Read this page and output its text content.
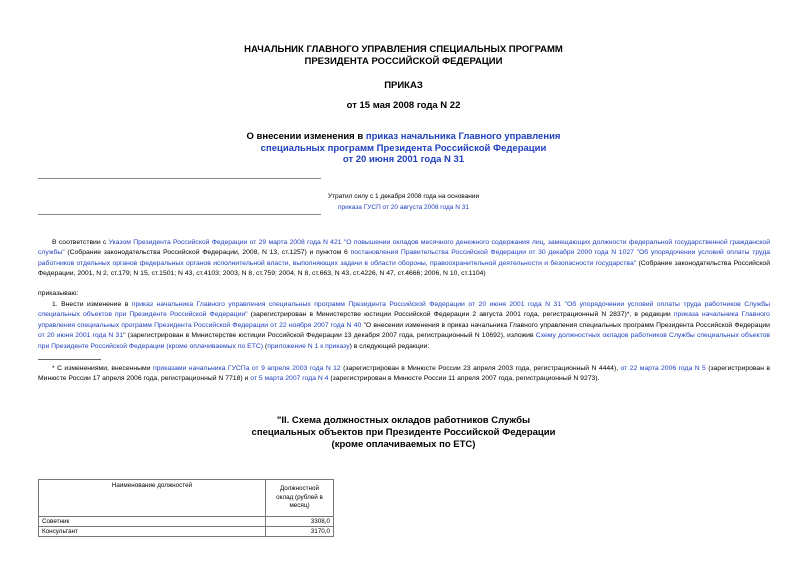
НАЧАЛЬНИК ГЛАВНОГО УПРАВЛЕНИЯ СПЕЦИАЛЬНЫХ ПРОГРАММ
ПРЕЗИДЕНТА РОССИЙСКОЙ ФЕДЕРАЦИИ
ПРИКАЗ
от 15 мая 2008 года N 22
О внесении изменения в приказ начальника Главного управления
специальных программ Президента Российской Федерации
от 20 июня 2001 года N 31
Утратил силу с 1 декабря 2008 года на основании
приказа ГУСП от 20 августа 2008 года N 31
В соответствии с Указом Президента Российской Федерации от 29 марта 2008 года N 421 "О повышении окладов месячного денежного содержания лиц, замещающих должности федеральной государственной гражданской службы" (Собрание законодательства Российской Федерации, 2008, N 13, ст.1257) и пунктом 6 постановления Правительства Российской Федерации от 30 декабря 2000 года N 1027 "Об упорядочении условий оплаты труда работников отдельных органов федеральных органов исполнительной власти, выполняющих задачи в области обороны, правоохранительной деятельности и безопасности государства" (Собрание законодательства Российской Федерации, 2001, N 2, ст.179; N 15, ст.1501; N 43, ст.4103; 2003, N 8, ст.759; 2004, N 8, ст.663, N 43, ст.4226, N 47, ст.4666; 2006, N 10, ст.1104)
приказываю:
1. Внести изменение в приказ начальника Главного управления специальных программ Президента Российской Федерации от 20 июня 2001 года N 31 "Об упорядочении условий оплаты труда работников Службы специальных объектов при Президенте Российской Федерации" (зарегистрирован в Министерстве юстиции Российской Федерации 2 августа 2001 года, регистрационный N 2837)*, в редакции приказа начальника Главного управления специальных программ Президента Российской Федерации от 22 ноября 2007 года N 40 "О внесении изменения в приказ начальника Главного управления специальных программ Президента Российской Федерации от 20 июня 2001 года N 31" (зарегистрирован в Министерстве юстиции Российской Федерации 13 декабря 2007 года, регистрационный N 10692), изложив Схему должностных окладов работников Службы специальных объектов при Президенте Российской Федерации (кроме оплачиваемых по ЕТС) (приложение N 1 к приказу) в следующей редакции:
* С изменениями, внесенными приказами начальника ГУСПа от 9 апреля 2003 года N 12 (зарегистрирован в Минюсте России 23 апреля 2003 года, регистрационный N 4444), от 22 марта 2006 года N 5 (зарегистрирован в Минюсте России 17 апреля 2006 года, регистрационный N 7718) и от 5 марта 2007 года N 4 (зарегистрирован в Минюсте России 11 апреля 2007 года, регистрационный N 9273).
"II. Схема должностных окладов работников Службы
специальных объектов при Президенте Российской Федерации
(кроме оплачиваемых по ЕТС)
Наименование должностей	Должностной
оклад (рублей в
месяц)

Советник	3308,0
Консультант	3170,0
